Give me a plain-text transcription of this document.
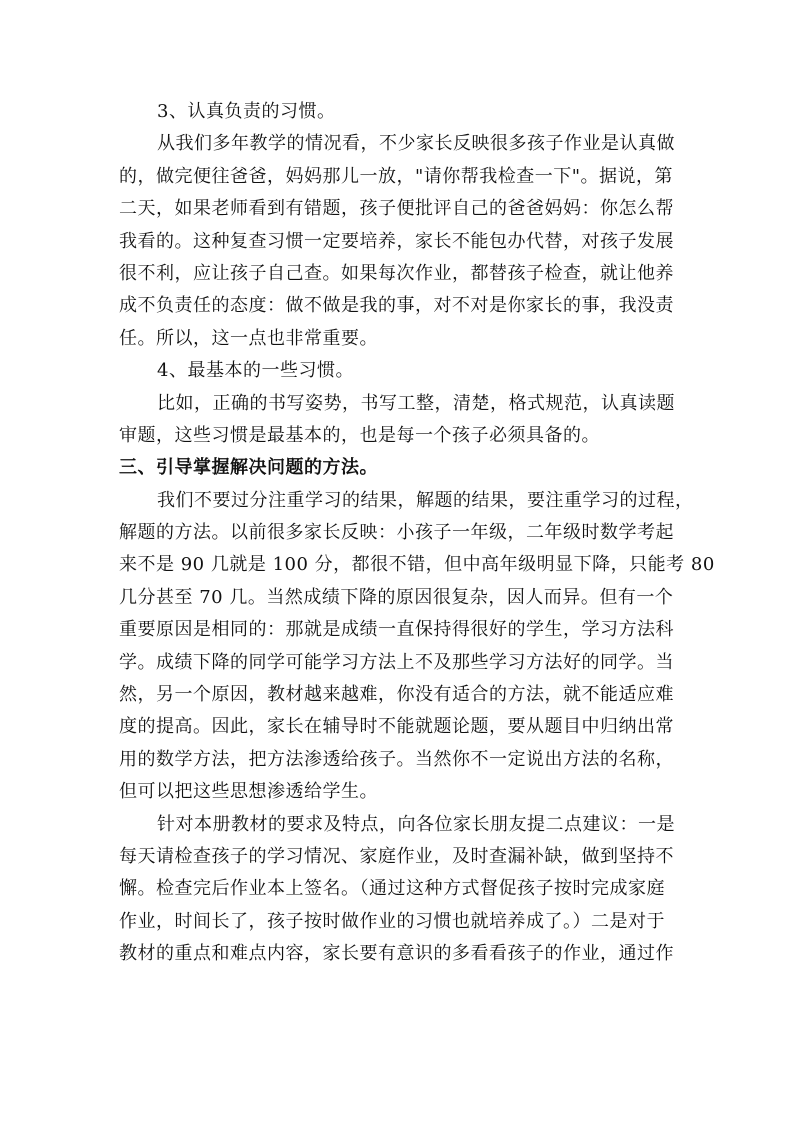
3、认真负责的习惯。
从我们多年教学的情况看，不少家长反映很多孩子作业是认真做
的，做完便往爸爸，妈妈那儿一放，"请你帮我检查一下"。据说，第
二天，如果老师看到有错题，孩子便批评自己的爸爸妈妈：你怎么帮
我看的。这种复查习惯一定要培养，家长不能包办代替，对孩子发展
很不利，应让孩子自己查。如果每次作业，都替孩子检查，就让他养
成不负责任的态度：做不做是我的事，对不对是你家长的事，我没责
任。所以，这一点也非常重要。
4、最基本的一些习惯。
比如，正确的书写姿势，书写工整，清楚，格式规范，认真读题
审题，这些习惯是最基本的，也是每一个孩子必须具备的。
三、引导掌握解决问题的方法。
我们不要过分注重学习的结果，解题的结果，要注重学习的过程，
解题的方法。以前很多家长反映：小孩子一年级，二年级时数学考起
来不是 90 几就是 100 分，都很不错，但中高年级明显下降，只能考 80
几分甚至 70 几。当然成绩下降的原因很复杂，因人而异。但有一个
重要原因是相同的：那就是成绩一直保持得很好的学生，学习方法科
学。成绩下降的同学可能学习方法上不及那些学习方法好的同学。当
然，另一个原因，教材越来越难，你没有适合的方法，就不能适应难
度的提高。因此，家长在辅导时不能就题论题，要从题目中归纳出常
用的数学方法，把方法渗透给孩子。当然你不一定说出方法的名称，
但可以把这些思想渗透给学生。
针对本册教材的要求及特点，向各位家长朋友提二点建议：一是
每天请检查孩子的学习情况、家庭作业，及时查漏补缺，做到坚持不
懈。检查完后作业本上签名。（通过这种方式督促孩子按时完成家庭
作业，时间长了，孩子按时做作业的习惯也就培养成了。）二是对于
教材的重点和难点内容，家长要有意识的多看看孩子的作业，通过作
